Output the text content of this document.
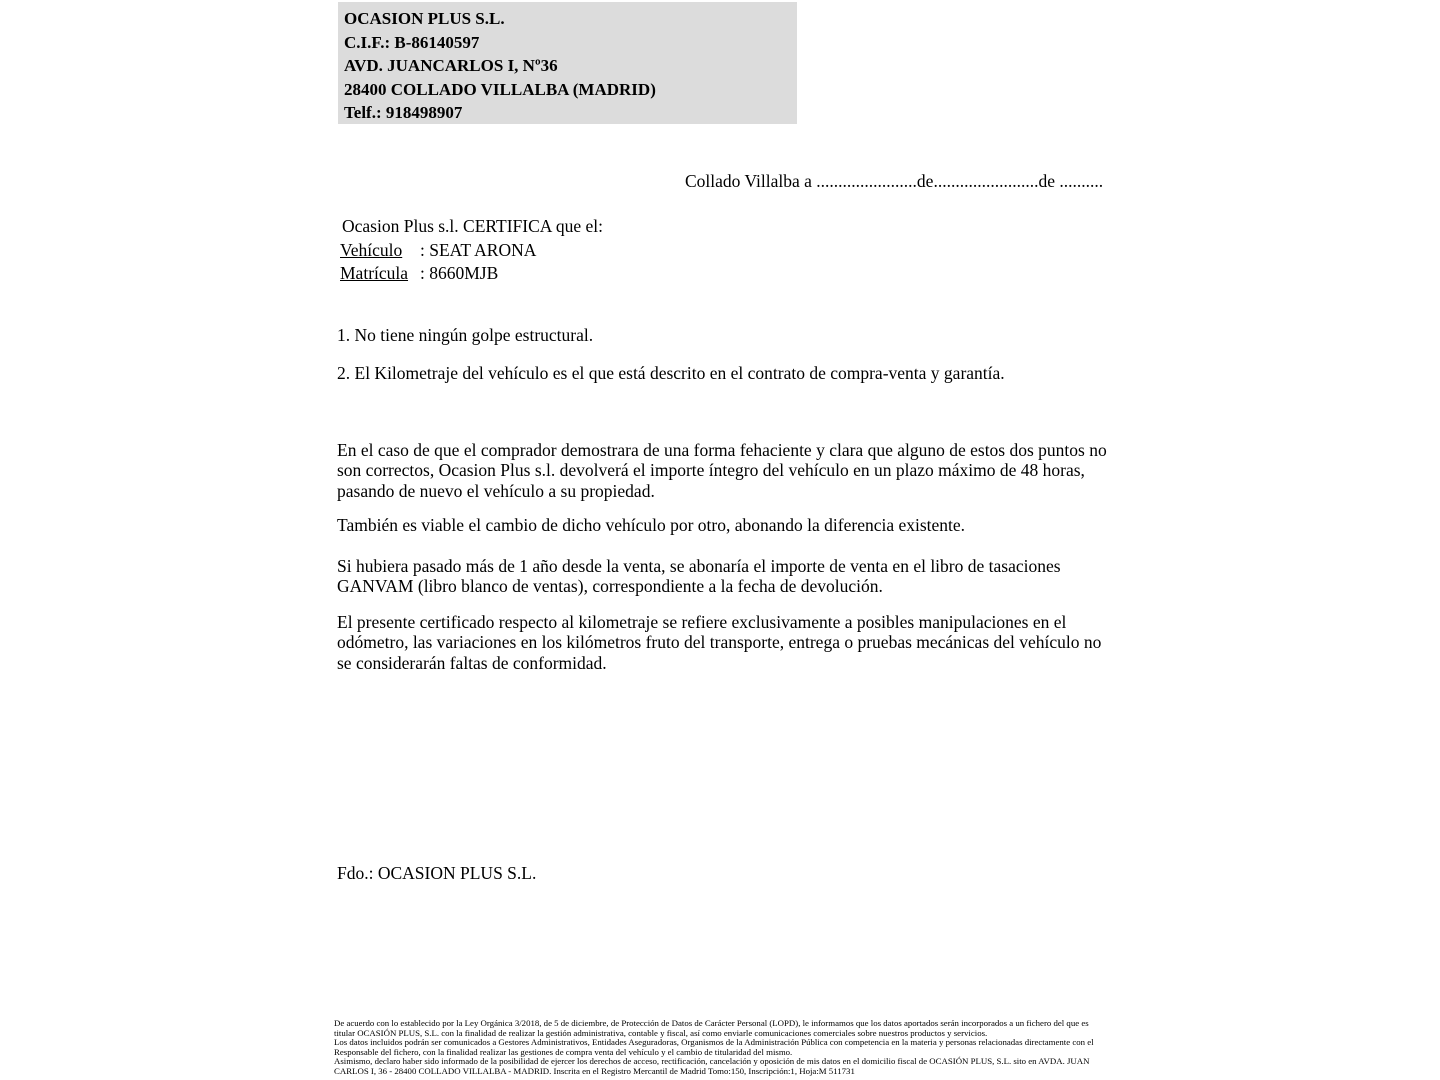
OCASION PLUS S.L.
C.I.F.: B-86140597
AVD. JUANCARLOS I, Nº36
28400 COLLADO VILLALBA (MADRID)
Telf.: 918498907
Collado Villalba a .......................de........................de ..........
Ocasion Plus s.l. CERTIFICA que el:
Vehículo : SEAT ARONA
Matrícula : 8660MJB

1. No tiene ningún golpe estructural.

2. El Kilometraje del vehículo es el que está descrito en el contrato de compra-venta y garantía.

En el caso de que el comprador demostrara de una forma fehaciente y clara que alguno de estos dos puntos no son correctos, Ocasion Plus s.l. devolverá el importe íntegro del vehículo en un plazo máximo de 48 horas, pasando de nuevo el vehículo a su propiedad.

También es viable el cambio de dicho vehículo por otro, abonando la diferencia existente.

Si hubiera pasado más de 1 año desde la venta, se abonaría el importe de venta en el libro de tasaciones GANVAM (libro blanco de ventas), correspondiente a la fecha de devolución.

El presente certificado respecto al kilometraje se refiere exclusivamente a posibles manipulaciones en el odómetro, las variaciones en los kilómetros fruto del transporte, entrega o pruebas mecánicas del vehículo no se considerarán faltas de conformidad.

Fdo.: OCASION PLUS S.L.

De acuerdo con lo establecido por la Ley Orgánica 3/2018, de 5 de diciembre, de Protección de Datos de Carácter Personal (LOPD), le informamos que los datos aportados serán incorporados a un fichero del que es titular OCASIÓN PLUS, S.L. con la finalidad de realizar la gestión administrativa, contable y fiscal, así como enviarle comunicaciones comerciales sobre nuestros productos y servicios.

Los datos incluidos podrán ser comunicados a Gestores Administrativos, Entidades Aseguradoras, Organismos de la Administración Pública con competencia en la materia y personas relacionadas directamente con el Responsable del fichero, con la finalidad realizar las gestiones de compra venta del vehículo y el cambio de titularidad del mismo.

Asimismo, declaro haber sido informado de la posibilidad de ejercer los derechos de acceso, rectificación, cancelación y oposición de mis datos en el domicilio fiscal de OCASIÓN PLUS, S.L. sito en AVDA. JUAN CARLOS I, 36 - 28400 COLLADO VILLALBA - MADRID. Inscrita en el Registro Mercantil de Madrid Tomo:150, Inscripción:1, Hoja:M 511731
